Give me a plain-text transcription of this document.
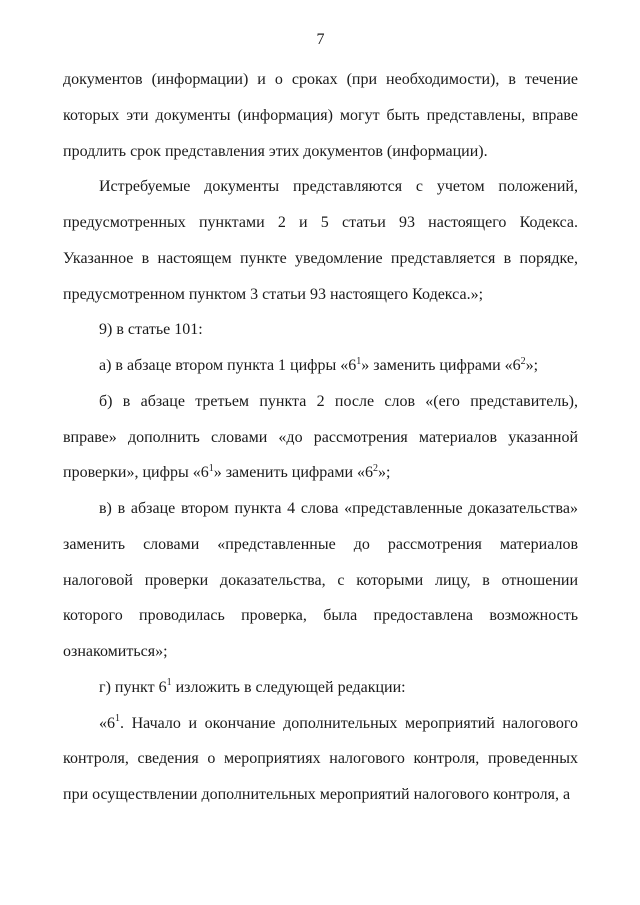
7

документов (информации) и о сроках (при необходимости), в течение которых эти документы (информация) могут быть представлены, вправе продлить срок представления этих документов (информации).

Истребуемые документы представляются с учетом положений, предусмотренных пунктами 2 и 5 статьи 93 настоящего Кодекса. Указанное в настоящем пункте уведомление представляется в порядке, предусмотренном пунктом 3 статьи 93 настоящего Кодекса.»;

9) в статье 101:

а) в абзаце втором пункта 1 цифры «$6^1$» заменить цифрами «$6^2$»;

б) в абзаце третьем пункта 2 после слов «(его представитель), вправе» дополнить словами «до рассмотрения материалов указанной проверки», цифры «$6^1$» заменить цифрами «$6^2$»;

в) в абзаце втором пункта 4 слова «представленные доказательства» заменить словами «представленные до рассмотрения материалов налоговой проверки доказательства, с которыми лицу, в отношении которого проводилась проверка, была предоставлена возможность ознакомиться»;

г) пункт $6^1$ изложить в следующей редакции:

«$6^1$. Начало и окончание дополнительных мероприятий налогового контроля, сведения о мероприятиях налогового контроля, проведенных при осуществлении дополнительных мероприятий налогового контроля, а
